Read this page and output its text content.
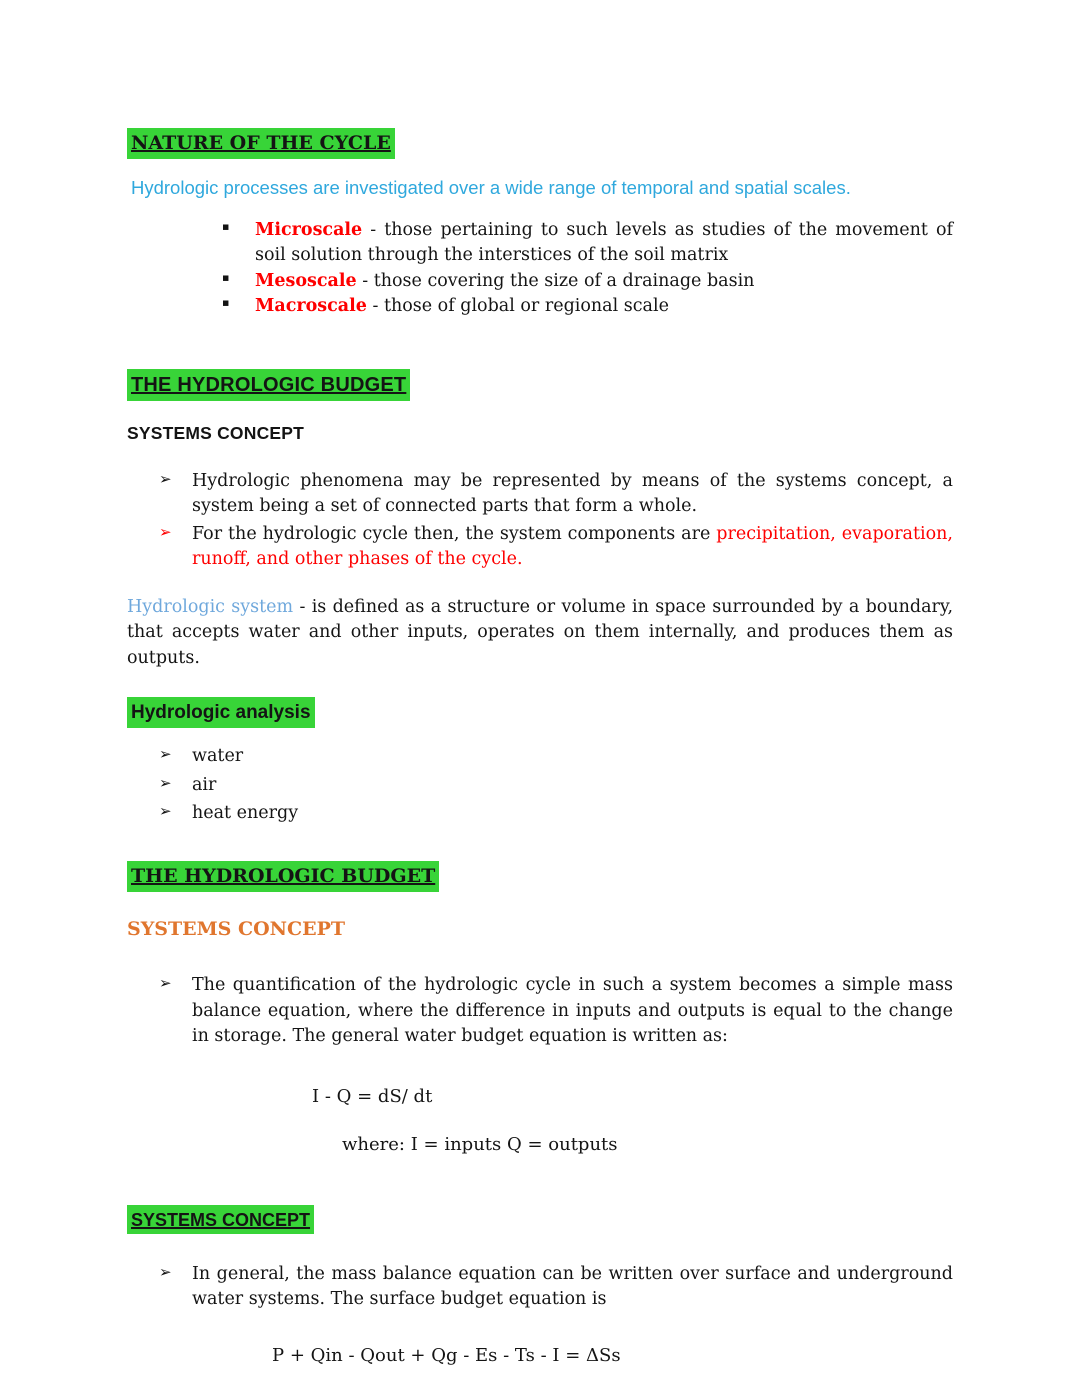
NATURE OF THE CYCLE

Hydrologic processes are investigated over a wide range of temporal and spatial scales.

▪ Microscale - those pertaining to such levels as studies of the movement of soil solution through the interstices of the soil matrix
▪ Mesoscale - those covering the size of a drainage basin
▪ Macroscale - those of global or regional scale
THE HYDROLOGIC BUDGET
SYSTEMS CONCEPT
➢ Hydrologic phenomena may be represented by means of the systems concept, a system being a set of connected parts that form a whole.
➢ For the hydrologic cycle then, the system components are precipitation, evaporation, runoff, and other phases of the cycle.

Hydrologic system - is defined as a structure or volume in space surrounded by a boundary, that accepts water and other inputs, operates on them internally, and produces them as outputs.

Hydrologic analysis
➢ water
➢ air
➢ heat energy
THE HYDROLOGIC BUDGET
SYSTEMS CONCEPT
➢ The quantification of the hydrologic cycle in such a system becomes a simple mass balance equation, where the difference in inputs and outputs is equal to the change in storage. The general water budget equation is written as:
I - Q = dS/ dt
where: I = inputs Q = outputs
SYSTEMS CONCEPT
➢ In general, the mass balance equation can be written over surface and underground water systems. The surface budget equation is
P + Qin - Qout + Qg - Es - Ts - I = ΔSs
